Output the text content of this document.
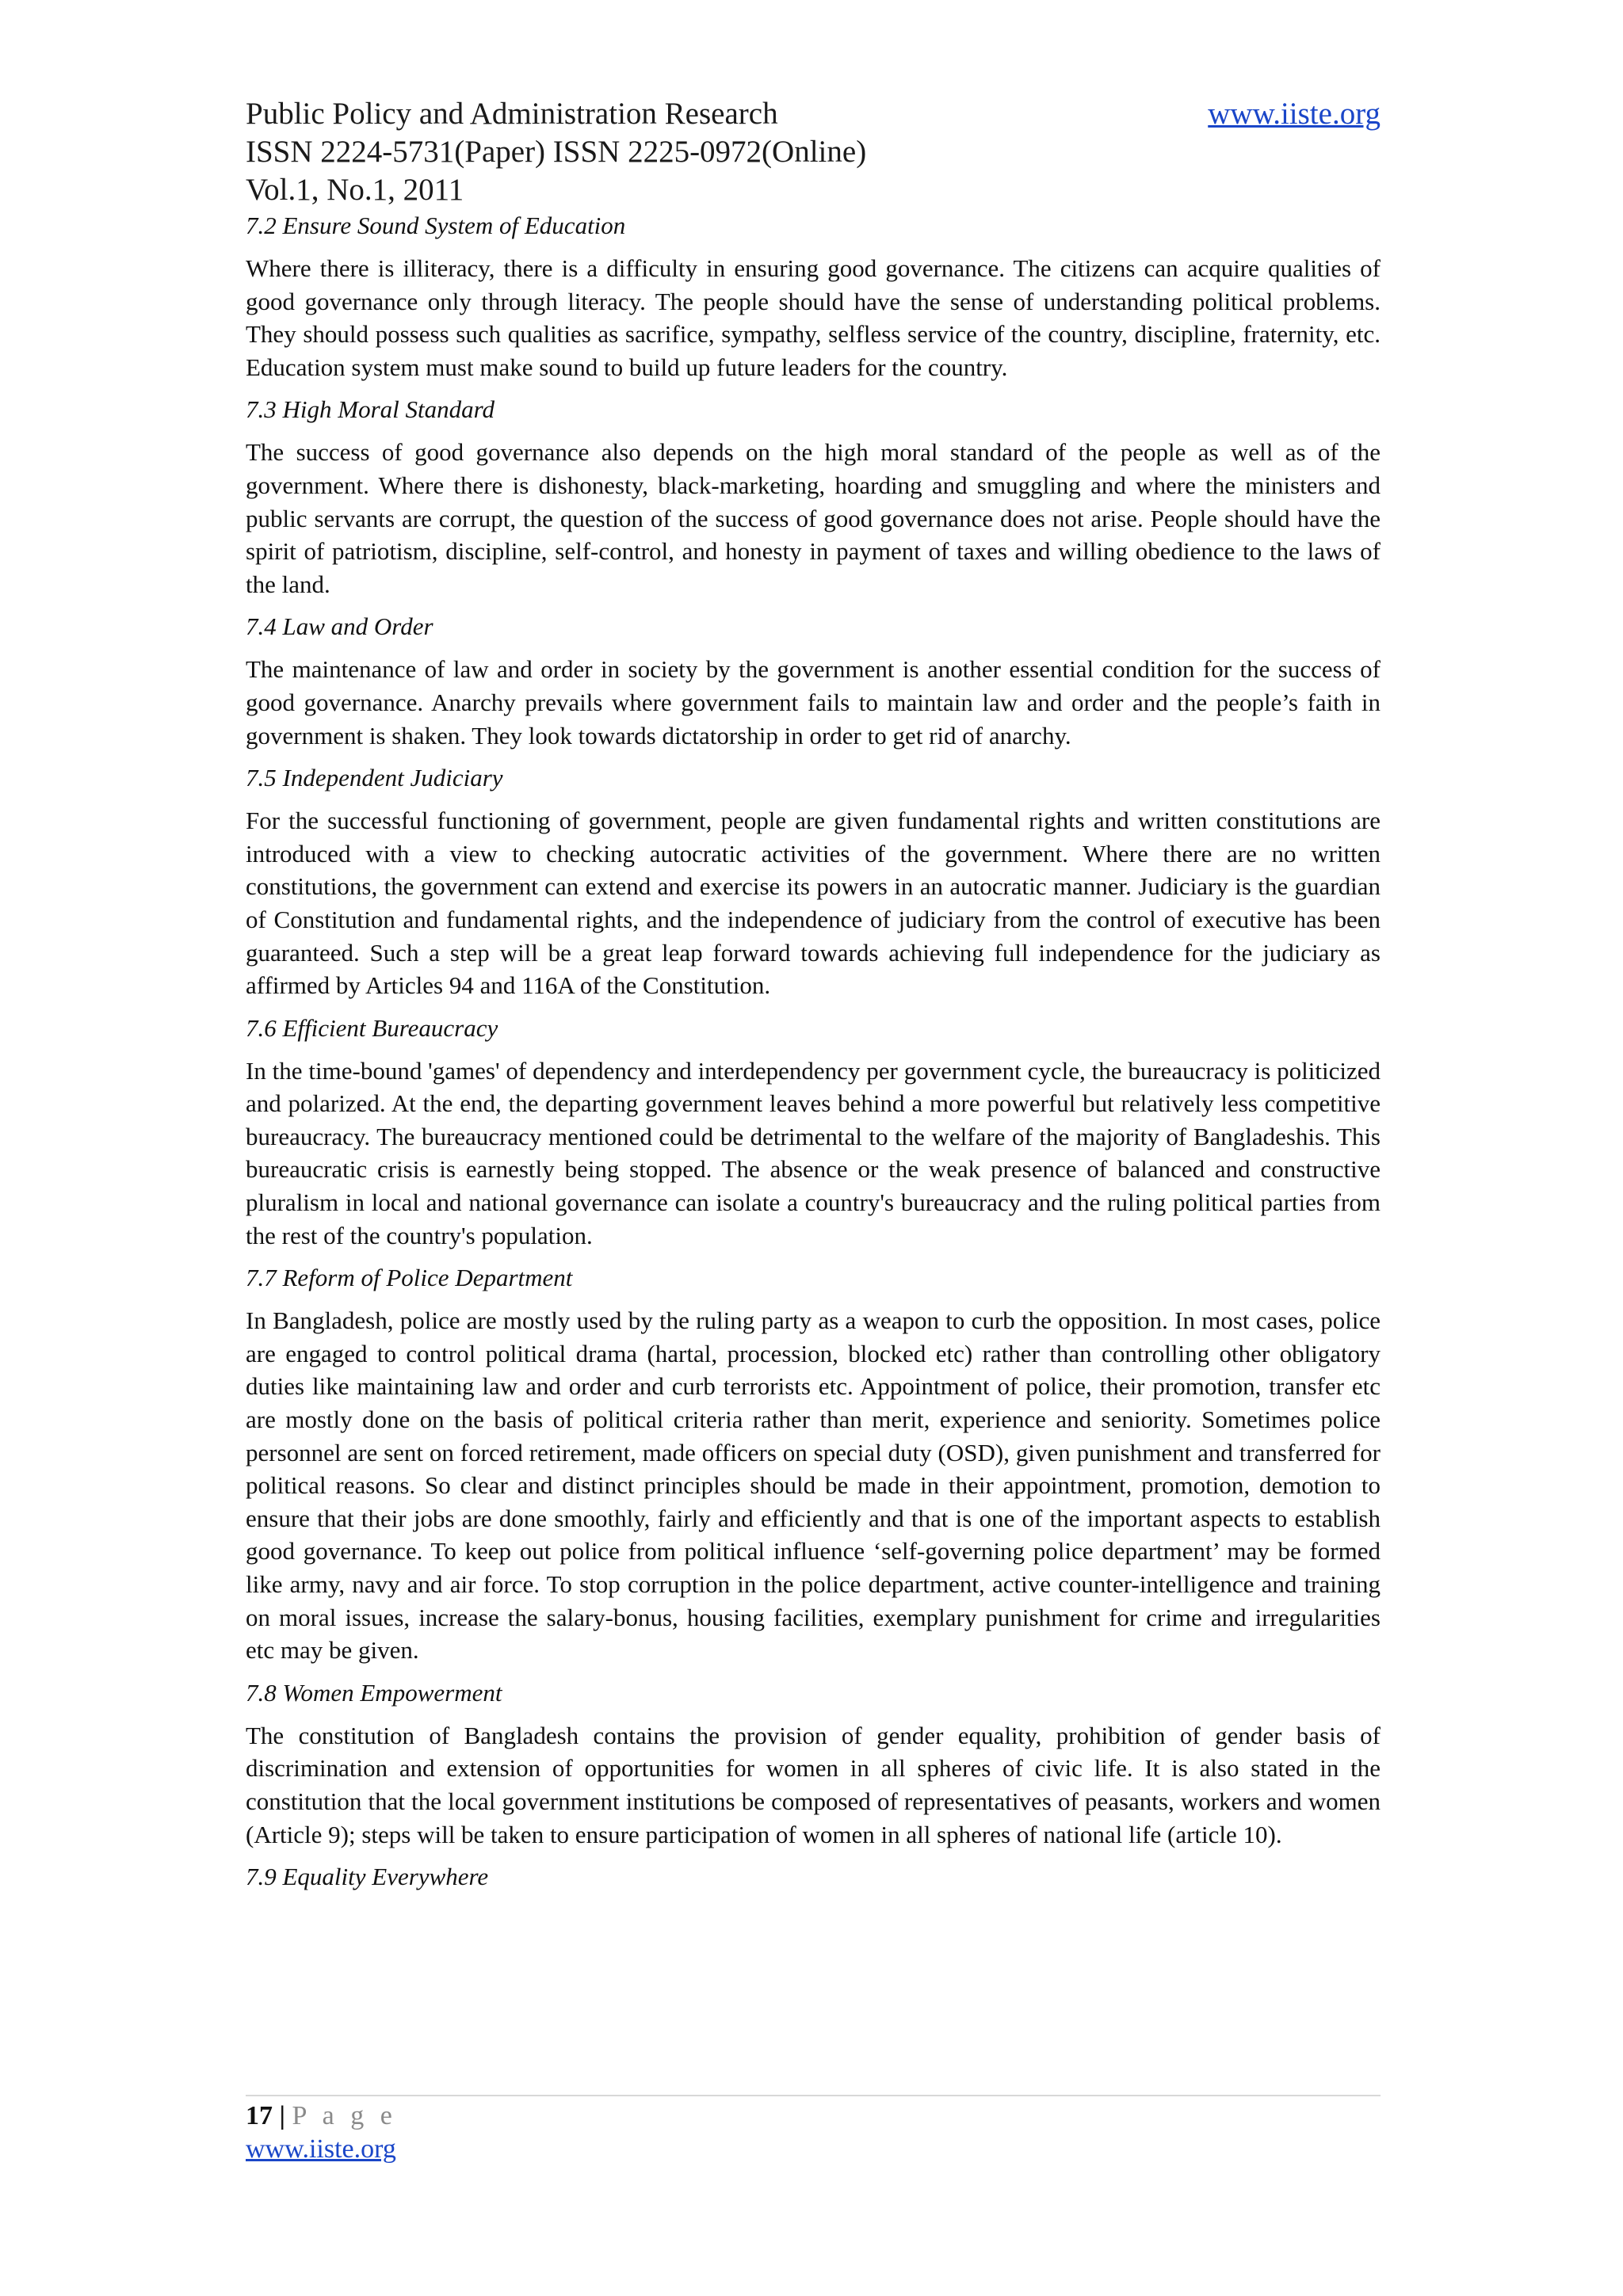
Public Policy and Administration Research	www.iiste.org
ISSN 2224-5731(Paper) ISSN 2225-0972(Online)
Vol.1, No.1, 2011
7.2 Ensure Sound System of Education
Where there is illiteracy, there is a difficulty in ensuring good governance. The citizens can acquire qualities of good governance only through literacy. The people should have the sense of understanding political problems. They should possess such qualities as sacrifice, sympathy, selfless service of the country, discipline, fraternity, etc. Education system must make sound to build up future leaders for the country.
7.3 High Moral Standard
The success of good governance also depends on the high moral standard of the people as well as of the government. Where there is dishonesty, black-marketing, hoarding and smuggling and where the ministers and public servants are corrupt, the question of the success of good governance does not arise. People should have the spirit of patriotism, discipline, self-control, and honesty in payment of taxes and willing obedience to the laws of the land.
7.4 Law and Order
The maintenance of law and order in society by the government is another essential condition for the success of good governance. Anarchy prevails where government fails to maintain law and order and the people’s faith in government is shaken. They look towards dictatorship in order to get rid of anarchy.
7.5 Independent Judiciary
For the successful functioning of government, people are given fundamental rights and written constitutions are introduced with a view to checking autocratic activities of the government. Where there are no written constitutions, the government can extend and exercise its powers in an autocratic manner. Judiciary is the guardian of Constitution and fundamental rights, and the independence of judiciary from the control of executive has been guaranteed. Such a step will be a great leap forward towards achieving full independence for the judiciary as affirmed by Articles 94 and 116A of the Constitution.
7.6 Efficient Bureaucracy
In the time-bound 'games' of dependency and interdependency per government cycle, the bureaucracy is politicized and polarized. At the end, the departing government leaves behind a more powerful but relatively less competitive bureaucracy. The bureaucracy mentioned could be detrimental to the welfare of the majority of Bangladeshis. This bureaucratic crisis is earnestly being stopped. The absence or the weak presence of balanced and constructive pluralism in local and national governance can isolate a country's bureaucracy and the ruling political parties from the rest of the country's population.
7.7 Reform of Police Department
In Bangladesh, police are mostly used by the ruling party as a weapon to curb the opposition. In most cases, police are engaged to control political drama (hartal, procession, blocked etc) rather than controlling other obligatory duties like maintaining law and order and curb terrorists etc. Appointment of police, their promotion, transfer etc are mostly done on the basis of political criteria rather than merit, experience and seniority. Sometimes police personnel are sent on forced retirement, made officers on special duty (OSD), given punishment and transferred for political reasons. So clear and distinct principles should be made in their appointment, promotion, demotion to ensure that their jobs are done smoothly, fairly and efficiently and that is one of the important aspects to establish good governance. To keep out police from political influence ‘self-governing police department’ may be formed like army, navy and air force. To stop corruption in the police department, active counter-intelligence and training on moral issues, increase the salary-bonus, housing facilities, exemplary punishment for crime and irregularities etc may be given.
7.8 Women Empowerment
The constitution of Bangladesh contains the provision of gender equality, prohibition of gender basis of discrimination and extension of opportunities for women in all spheres of civic life. It is also stated in the constitution that the local government institutions be composed of representatives of peasants, workers and women (Article 9); steps will be taken to ensure participation of women in all spheres of national life (article 10).
7.9 Equality Everywhere
17 | P a g e
www.iiste.org
